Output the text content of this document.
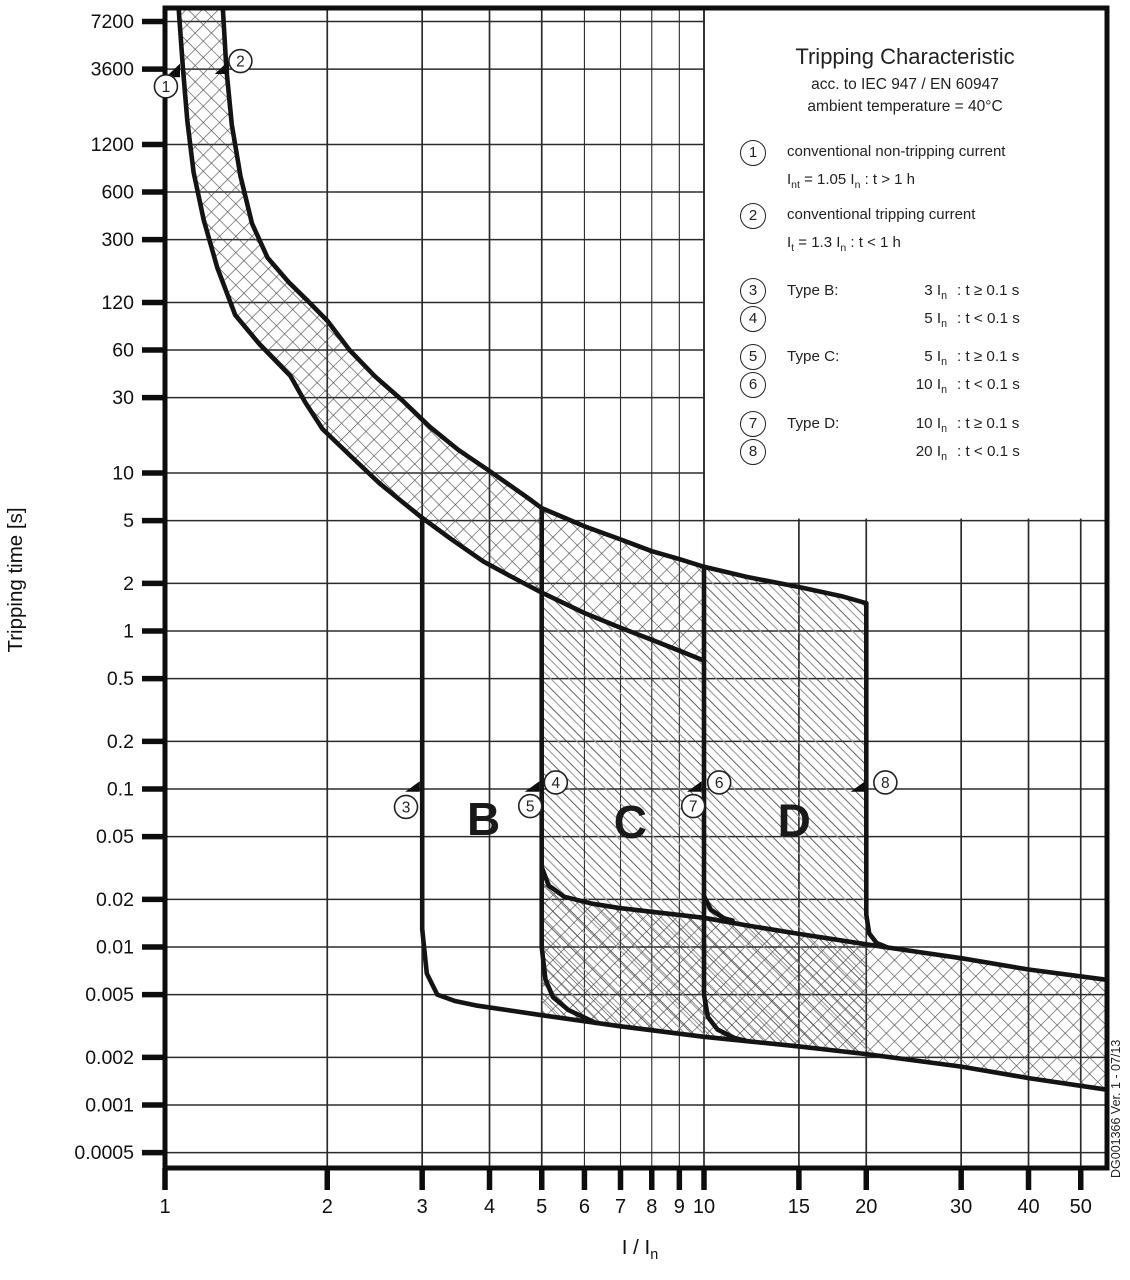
7200
3600
1200
600
300
120
60
30
10
5
2
1
0.5
0.2
0.1
0.05
0.02
0.01
0.005
0.002
0.001
0.0005
1	2	3	4 5 6 7 8 9 10	15 20	30 40 50
1
2
3
4
5
6
7
8
B C	D
Tripping Characteristic
acc. to IEC 947 / EN 60947
ambient temperature = 40°C
1	conventional non-tripping current
$I_{nt} = 1.05$ $I_n$ : t > 1 h
2	conventional tripping current
$I_t = 1.3$ $I_n$ : t < 1 h
3
4
Type B:	3 $I_n$ : t ≥ 0.1 s
5 $I_n$ : t < 0.1 s
5
6
Type C:	5 $I_n$ : t ≥ 0.1 s
10 $I_n$ : t < 0.1 s
7
8
Type D:	10 $I_n$ : t ≥ 0.1 s
20 $I_n$ : t < 0.1 s
Tripping time [s]
I / $I_n$
DG001366 Ver. 1 - 07/13
